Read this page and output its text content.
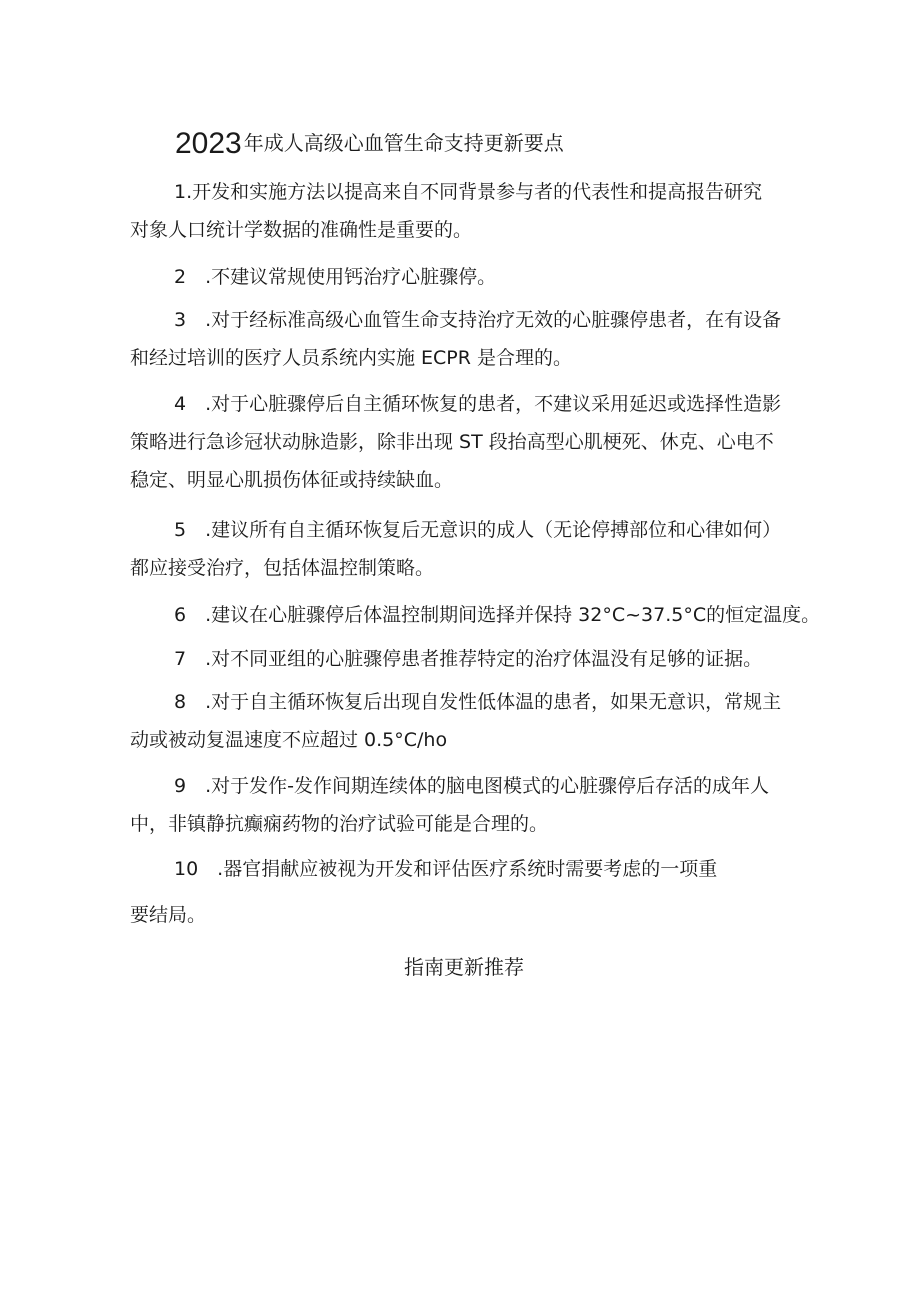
2023 年成人高级心血管生命支持更新要点
1.开发和实施方法以提高来自不同背景参与者的代表性和提高报告研究
对象人口统计学数据的准确性是重要的。
2　.不建议常规使用钙治疗心脏骤停。
3　.对于经标准高级心血管生命支持治疗无效的心脏骤停患者，在有设备
和经过培训的医疗人员系统内实施 ECPR 是合理的。
4　.对于心脏骤停后自主循环恢复的患者，不建议采用延迟或选择性造影
策略进行急诊冠状动脉造影，除非出现 ST 段抬高型心肌梗死、休克、心电不
稳定、明显心肌损伤体征或持续缺血。
5　.建议所有自主循环恢复后无意识的成人（无论停搏部位和心律如何）
都应接受治疗，包括体温控制策略。
6　.建议在心脏骤停后体温控制期间选择并保持 32°C~37.5°C的恒定温度。
7　.对不同亚组的心脏骤停患者推荐特定的治疗体温没有足够的证据。
8　.对于自主循环恢复后出现自发性低体温的患者，如果无意识，常规主
动或被动复温速度不应超过 0.5°C/ho
9　.对于发作-发作间期连续体的脑电图模式的心脏骤停后存活的成年人
中，非镇静抗癫痫药物的治疗试验可能是合理的。
10　.器官捐献应被视为开发和评估医疗系统时需要考虑的一项重
要结局。
指南更新推荐
